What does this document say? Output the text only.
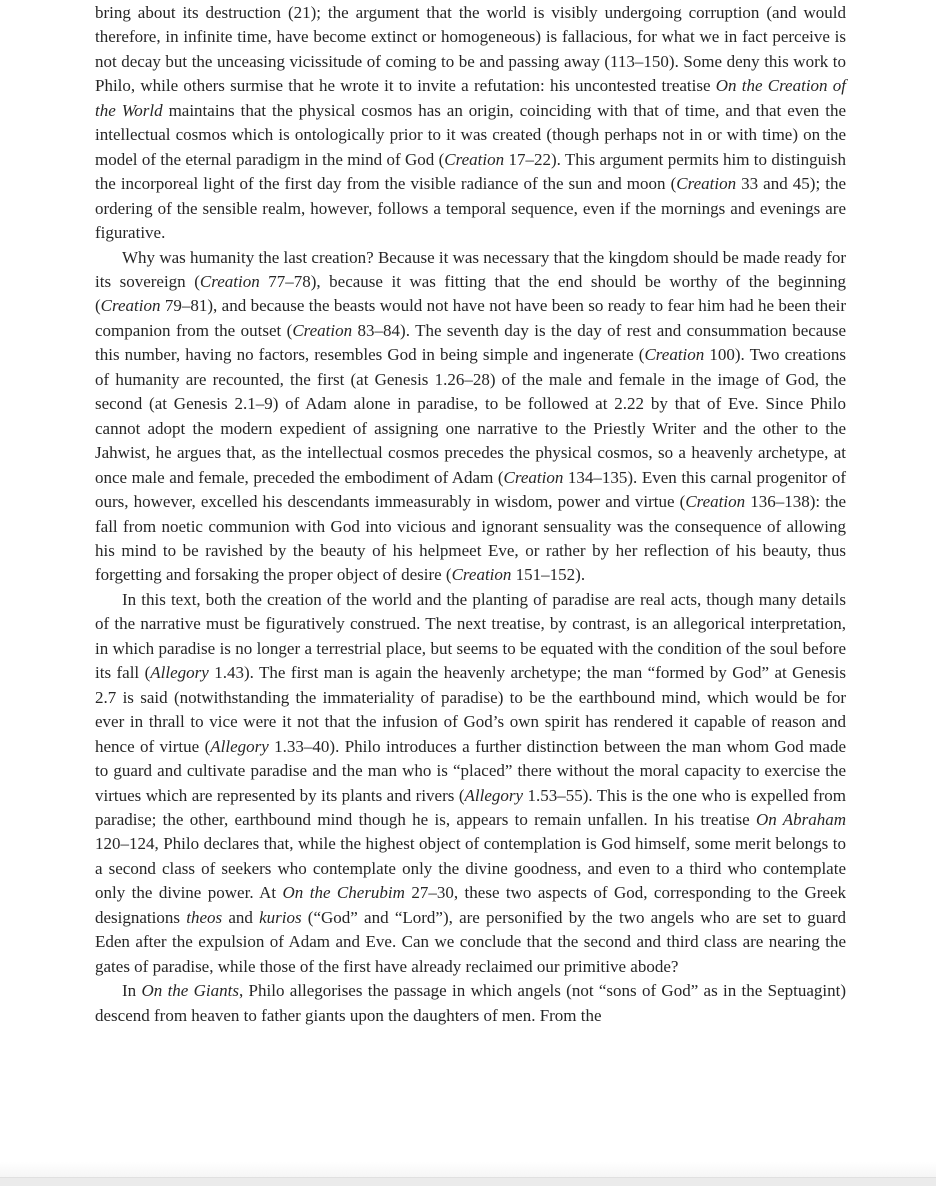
bring about its destruction (21); the argument that the world is visibly undergoing corruption (and would therefore, in infinite time, have become extinct or homogeneous) is fallacious, for what we in fact perceive is not decay but the unceasing vicissitude of coming to be and passing away (113–150). Some deny this work to Philo, while others surmise that he wrote it to invite a refutation: his uncontested treatise On the Creation of the World maintains that the physical cosmos has an origin, coinciding with that of time, and that even the intellectual cosmos which is ontologically prior to it was created (though perhaps not in or with time) on the model of the eternal paradigm in the mind of God (Creation 17–22). This argument permits him to distinguish the incorporeal light of the first day from the visible radiance of the sun and moon (Creation 33 and 45); the ordering of the sensible realm, however, follows a temporal sequence, even if the mornings and evenings are figurative.

Why was humanity the last creation? Because it was necessary that the kingdom should be made ready for its sovereign (Creation 77–78), because it was fitting that the end should be worthy of the beginning (Creation 79–81), and because the beasts would not have not have been so ready to fear him had he been their companion from the outset (Creation 83–84). The seventh day is the day of rest and consummation because this number, having no factors, resembles God in being simple and ingenerate (Creation 100). Two creations of humanity are recounted, the first (at Genesis 1.26–28) of the male and female in the image of God, the second (at Genesis 2.1–9) of Adam alone in paradise, to be followed at 2.22 by that of Eve. Since Philo cannot adopt the modern expedient of assigning one narrative to the Priestly Writer and the other to the Jahwist, he argues that, as the intellectual cosmos precedes the physical cosmos, so a heavenly archetype, at once male and female, preceded the embodiment of Adam (Creation 134–135). Even this carnal progenitor of ours, however, excelled his descendants immeasurably in wisdom, power and virtue (Creation 136–138): the fall from noetic communion with God into vicious and ignorant sensuality was the consequence of allowing his mind to be ravished by the beauty of his helpmeet Eve, or rather by her reflection of his beauty, thus forgetting and forsaking the proper object of desire (Creation 151–152).

In this text, both the creation of the world and the planting of paradise are real acts, though many details of the narrative must be figuratively construed. The next treatise, by contrast, is an allegorical interpretation, in which paradise is no longer a terrestrial place, but seems to be equated with the condition of the soul before its fall (Allegory 1.43). The first man is again the heavenly archetype; the man “formed by God” at Genesis 2.7 is said (notwithstanding the immateriality of paradise) to be the earthbound mind, which would be for ever in thrall to vice were it not that the infusion of God’s own spirit has rendered it capable of reason and hence of virtue (Allegory 1.33–40). Philo introduces a further distinction between the man whom God made to guard and cultivate paradise and the man who is “placed” there without the moral capacity to exercise the virtues which are represented by its plants and rivers (Allegory 1.53–55). This is the one who is expelled from paradise; the other, earthbound mind though he is, appears to remain unfallen. In his treatise On Abraham 120–124, Philo declares that, while the highest object of contemplation is God himself, some merit belongs to a second class of seekers who contemplate only the divine goodness, and even to a third who contemplate only the divine power. At On the Cherubim 27–30, these two aspects of God, corresponding to the Greek designations theos and kurios (“God” and “Lord”), are personified by the two angels who are set to guard Eden after the expulsion of Adam and Eve. Can we conclude that the second and third class are nearing the gates of paradise, while those of the first have already reclaimed our primitive abode?

In On the Giants, Philo allegorises the passage in which angels (not “sons of God” as in the Septuagint) descend from heaven to father giants upon the daughters of men. From the
